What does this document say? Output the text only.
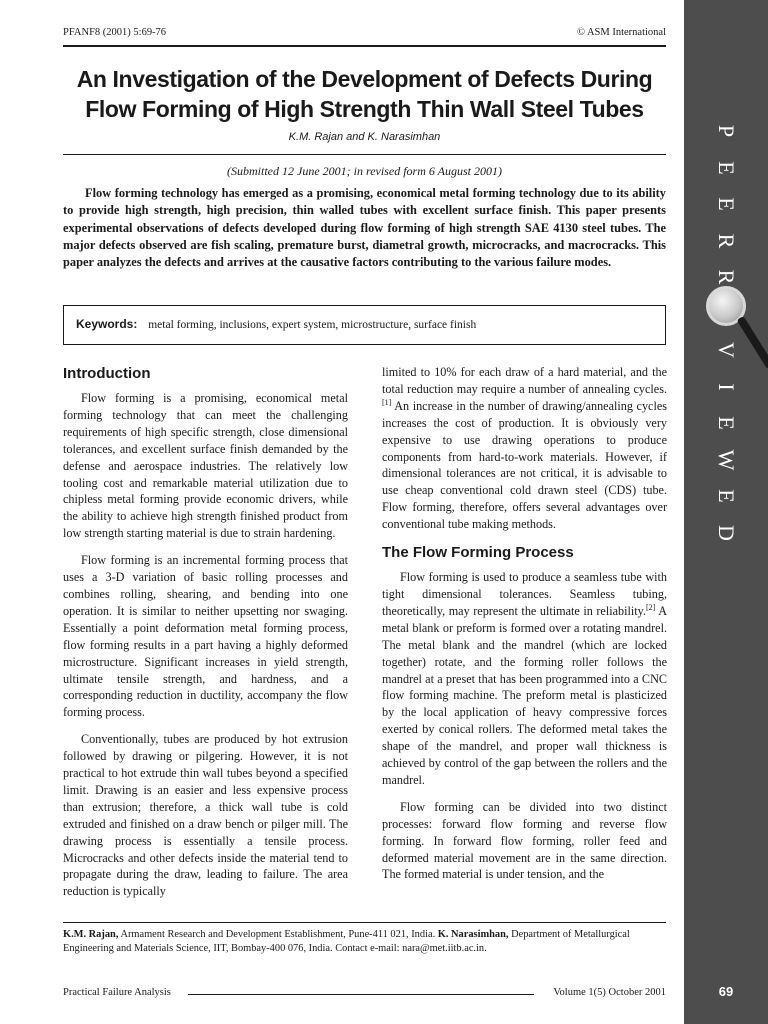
PFANF8 (2001) 5:69-76	© ASM International
An Investigation of the Development of Defects During
Flow Forming of High Strength Thin Wall Steel Tubes
K.M. Rajan and K. Narasimhan
(Submitted 12 June 2001; in revised form 6 August 2001)

Flow forming technology has emerged as a promising, economical metal forming technology due to its ability to provide high strength, high precision, thin walled tubes with excellent surface finish. This paper presents experimental observations of defects developed during flow forming of high strength SAE 4130 steel tubes. The major defects observed are fish scaling, premature burst, diametral growth, microcracks, and macrocracks. This paper analyzes the defects and arrives at the causative factors contributing to the various failure modes.

Keywords: metal forming, inclusions, expert system, microstructure, surface finish
Introduction

Flow forming is a promising, economical metal forming technology that can meet the challenging requirements of high specific strength, close dimensional tolerances, and excellent surface finish demanded by the defense and aerospace industries. The relatively low tooling cost and remarkable material utilization due to chipless metal forming provide economic drivers, while the ability to achieve high strength finished product from low strength starting material is due to strain hardening.

Flow forming is an incremental forming process that uses a 3-D variation of basic rolling processes and combines rolling, shearing, and bending into one operation. It is similar to neither upsetting nor swaging. Essentially a point deformation metal forming process, flow forming results in a part having a highly deformed microstructure. Significant increases in yield strength, ultimate tensile strength, and hardness, and a corresponding reduction in ductility, accompany the flow forming process.

Conventionally, tubes are produced by hot extrusion followed by drawing or pilgering. However, it is not practical to hot extrude thin wall tubes beyond a specified limit. Drawing is an easier and less expensive process than extrusion; therefore, a thick wall tube is cold extruded and finished on a draw bench or pilger mill. The drawing process is essentially a tensile process. Microcracks and other defects inside the material tend to propagate during the draw, leading to failure. The area reduction is typically

limited to 10% for each draw of a hard material, and the total reduction may require a number of annealing cycles.[1] An increase in the number of drawing/annealing cycles increases the cost of production. It is obviously very expensive to use drawing operations to produce components from hard-to-work materials. However, if dimensional tolerances are not critical, it is advisable to use cheap conventional cold drawn steel (CDS) tube. Flow forming, therefore, offers several advantages over conventional tube making methods.

The Flow Forming Process

Flow forming is used to produce a seamless tube with tight dimensional tolerances. Seamless tubing, theoretically, may represent the ultimate in reliability.[2] A metal blank or preform is formed over a rotating mandrel. The metal blank and the mandrel (which are locked together) rotate, and the forming roller follows the mandrel at a preset that has been programmed into a CNC flow forming machine. The preform metal is plasticized by the local application of heavy compressive forces exerted by conical rollers. The deformed metal takes the shape of the mandrel, and proper wall thickness is achieved by control of the gap between the rollers and the mandrel.

Flow forming can be divided into two distinct processes: forward flow forming and reverse flow forming. In forward flow forming, roller feed and deformed material movement are in the same direction. The formed material is under tension, and the

K.M. Rajan, Armament Research and Development Establishment, Pune-411 021, India. K. Narasimhan, Department of Metallurgical Engineering and Materials Science, IIT, Bombay-400 076, India. Contact e-mail: nara@met.iitb.ac.in.
Practical Failure Analysis	Volume 1(5) October 2001
P
E
E
R
R
V
I
E
W
E
D
69
